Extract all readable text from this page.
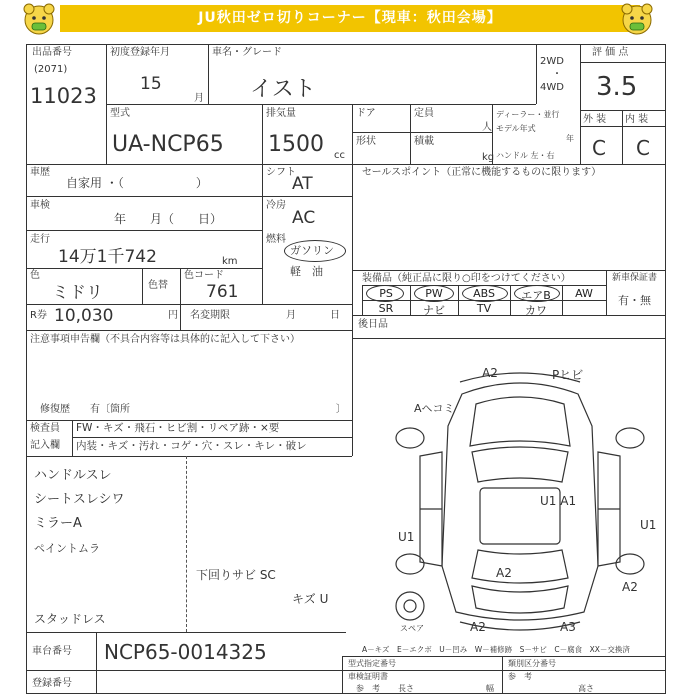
JU秋田ゼロ切りコーナー【現車：秋田会場】
出品番号
(2071)
11023
初度登録年月
15
月
車名・グレード
イスト
2WD
・
4WD
評 価 点
3.5
外 装 内 装
C C
型式
UA-NCP65
排気量
1500 cc
ドア	定員
人
形状	積載
kg
ディーラー・並行
モデル年式
年
ハンドル 左・右
車歴
自家用 ・（　　　　　　）
車検
年　　月（　　日）
シフト
AT
冷房
AC
走行
14万1千742	km
燃料
ガソリン
軽　油
色
ミドリ	色替
色コード
761
R券 10,030	円 名変期限	月	日
注意事項申告欄（不具合内容等は具体的に記入して下さい）
修復歴　　有〔箇所	〕
検査員
記入欄
FW・キズ・飛石・ヒビ割・リペア跡・×要
内装・キズ・汚れ・コゲ・穴・スレ・キレ・破レ
ハンドルスレ
シートスレシワ
ミラーA
ペイントムラ
下回りサビ SC
キズ U
スタッドレス
セールスポイント（正常に機能するものに限ります）
装備品（純正品に限り○印をつけてください）	新車保証書
有・無
PS	PW	ABS	エアB	AW
SR	ナビ	TV	カワ
後日品
A2	Pヒビ
Aヘコミ
U1 A1
U1
U1
A2
A2
A2	A3
スペア
A－キズ　E－エクボ　U－凹み　W－補修跡　S－サビ　C－腐食　XX－交換済
車台番号 NCP65-0014325
登録番号
型式指定番号	類別区分番号
車検証明書
参　考
参　考
長さ	幅	高さ
